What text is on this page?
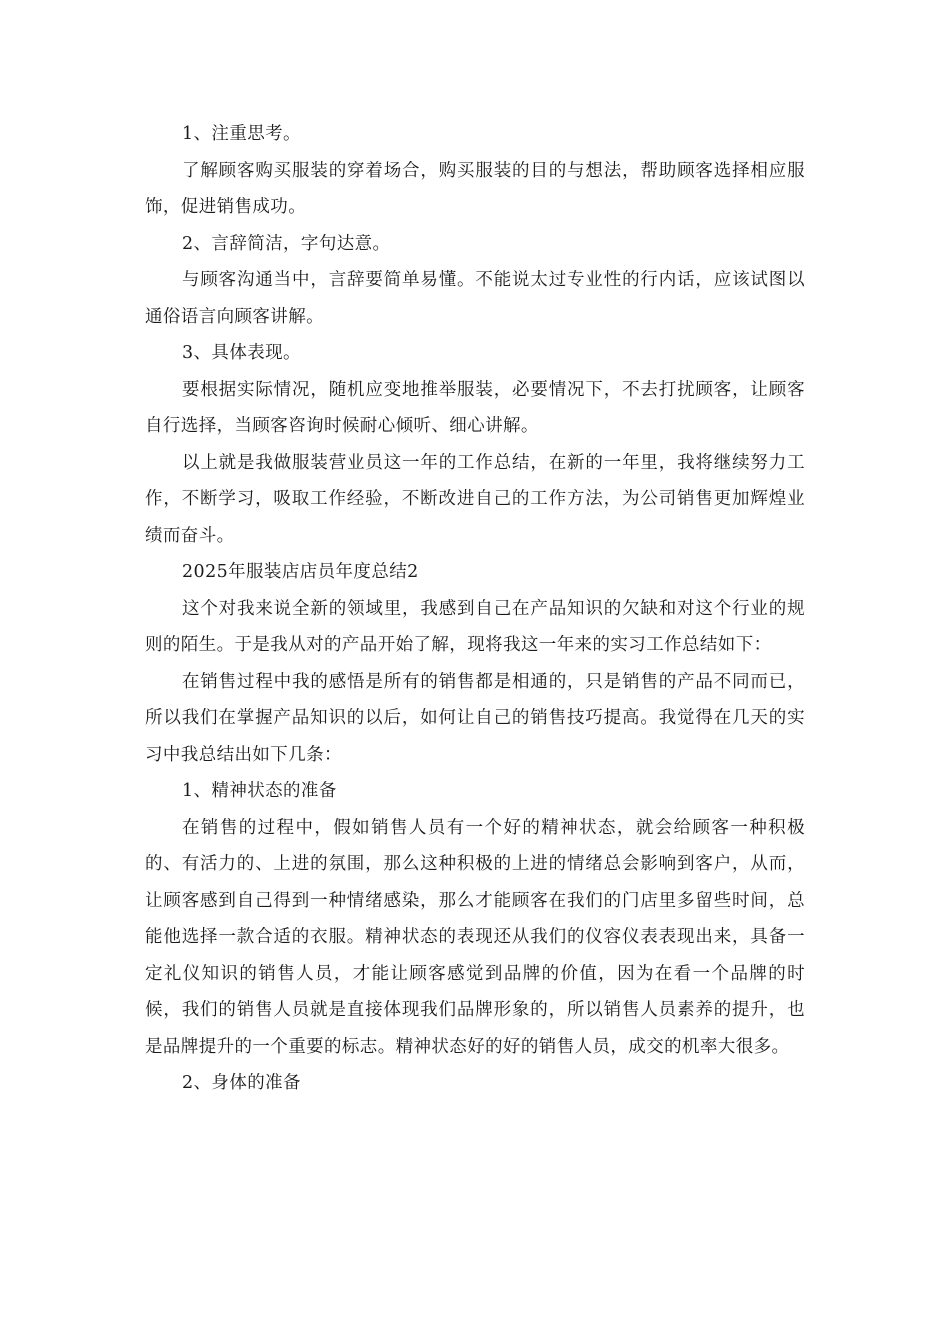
1、注重思考。

了解顾客购买服装的穿着场合，购买服装的目的与想法，帮助顾客选择相应服饰，促进销售成功。

2、言辞简洁，字句达意。

与顾客沟通当中，言辞要简单易懂。不能说太过专业性的行内话，应该试图以通俗语言向顾客讲解。

3、具体表现。

要根据实际情况，随机应变地推举服装，必要情况下，不去打扰顾客，让顾客自行选择，当顾客咨询时候耐心倾听、细心讲解。

以上就是我做服装营业员这一年的工作总结，在新的一年里，我将继续努力工作，不断学习，吸取工作经验，不断改进自己的工作方法，为公司销售更加辉煌业绩而奋斗。

2025年服装店店员年度总结2

这个对我来说全新的领域里，我感到自己在产品知识的欠缺和对这个行业的规则的陌生。于是我从对的产品开始了解，现将我这一年来的实习工作总结如下：

在销售过程中我的感悟是所有的销售都是相通的，只是销售的产品不同而已，所以我们在掌握产品知识的以后，如何让自己的销售技巧提高。我觉得在几天的实习中我总结出如下几条：

1、精神状态的准备

在销售的过程中，假如销售人员有一个好的精神状态，就会给顾客一种积极的、有活力的、上进的氛围，那么这种积极的上进的情绪总会影响到客户，从而，让顾客感到自己得到一种情绪感染，那么才能顾客在我们的门店里多留些时间，总能他选择一款合适的衣服。精神状态的表现还从我们的仪容仪表表现出来，具备一定礼仪知识的销售人员，才能让顾客感觉到品牌的价值，因为在看一个品牌的时候，我们的销售人员就是直接体现我们品牌形象的，所以销售人员素养的提升，也是品牌提升的一个重要的标志。精神状态好的好的销售人员，成交的机率大很多。

2、身体的准备
